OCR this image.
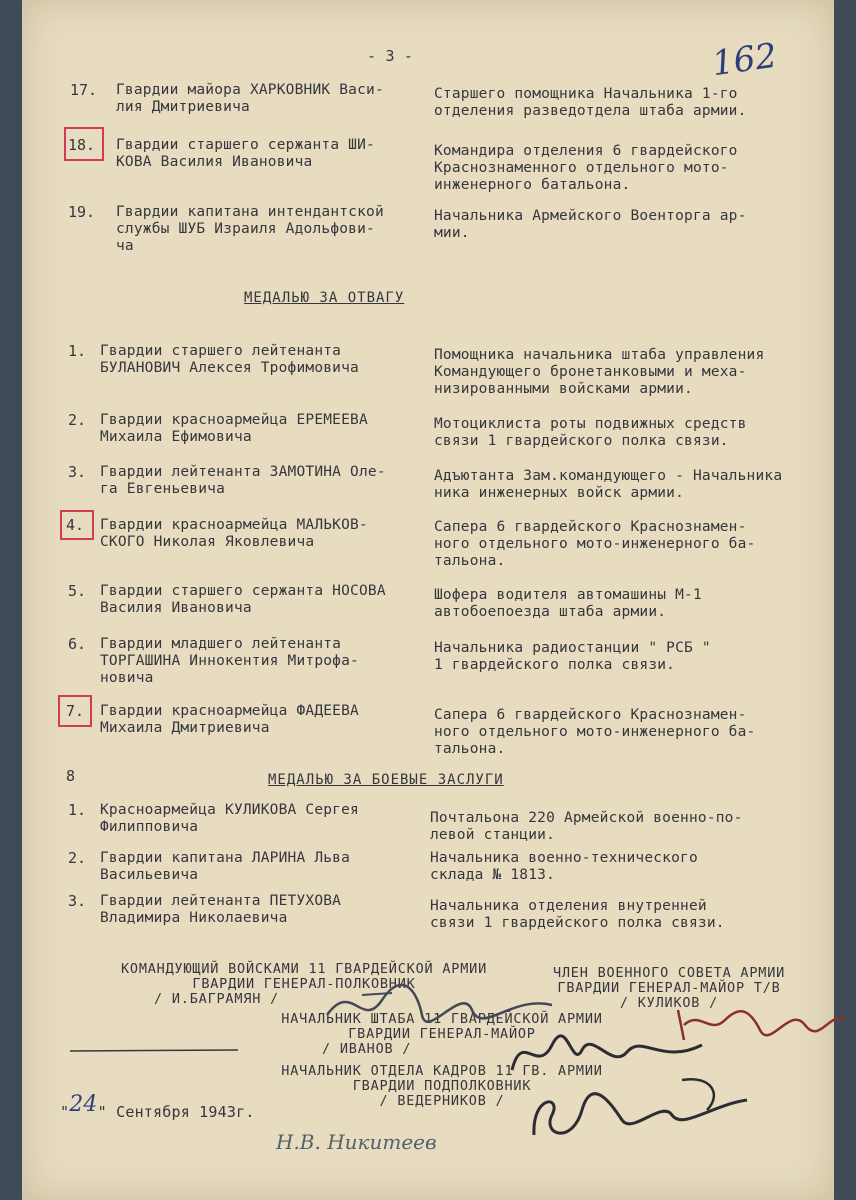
- 3 -	162
17. Гвардии майора ХАРКОВНИК Васи-
лия Дмитриевича
Старшего помощника Начальника 1-го
отделения разведотдела штаба армии.
18. Гвардии старшего сержанта ШИ-
КОВА Василия Ивановича
Командира отделения 6 гвардейского
Краснознаменного отдельного мото-
инженерного батальона.
19. Гвардии капитана интендантской
службы ШУБ Израиля Адольфови-
ча
Начальника Армейского Военторга ар-
мии.
МЕДАЛЬЮ ЗА ОТВАГУ
1. Гвардии старшего лейтенанта
БУЛАНОВИЧ Алексея Трофимовича
Помощника начальника штаба управления
Командующего бронетанковыми и меха-
низированными войсками армии.
2. Гвардии красноармейца ЕРЕМЕЕВА
Михаила Ефимовича
Мотоциклиста роты подвижных средств
связи 1 гвардейского полка связи.
3. Гвардии лейтенанта ЗАМОТИНА Оле-
га Евгеньевича
Адъютанта Зам.командующего - Начальника
ника инженерных войск армии.
4. Гвардии красноармейца МАЛЬКОВ-
СКОГО Николая Яковлевича
Сапера 6 гвардейского Краснознамен-
ного отдельного мото-инженерного ба-
тальона.
5. Гвардии старшего сержанта НОСОВА
Василия Ивановича
Шофера водителя автомашины М-1
автобоепоезда штаба армии.
6. Гвардии младшего лейтенанта
ТОРГАШИНА Иннокентия Митрофа-
новича
Начальника радиостанции " РСБ "
1 гвардейского полка связи.
7. Гвардии красноармейца ФАДЕЕВА
Михаила Дмитриевича
Сапера 6 гвардейского Краснознамен-
ного отдельного мото-инженерного ба-
тальона.
8	МЕДАЛЬЮ ЗА БОЕВЫЕ ЗАСЛУГИ
1. Красноармейца КУЛИКОВА Сергея
Филипповича
Почтальона 220 Армейской военно-по-
левой станции.
2. Гвардии капитана ЛАРИНА Льва
Васильевича
Начальника военно-технического
склада № 1813.
3. Гвардии лейтенанта ПЕТУХОВА
Владимира Николаевича
Начальника отделения внутренней
связи 1 гвардейского полка связи.
КОМАНДУЮЩИЙ ВОЙСКАМИ 11 ГВАРДЕЙСКОЙ АРМИИ
ГВАРДИИ ГЕНЕРАЛ-ПОЛКОВНИК
/ И.БАГРАМЯН /
ЧЛЕН ВОЕННОГО СОВЕТА АРМИИ
ГВАРДИИ ГЕНЕРАЛ-МАЙОР Т/В
/ КУЛИКОВ /
НАЧАЛЬНИК ШТАБА 11 ГВАРДЕЙСКОЙ АРМИИ
ГВАРДИИ ГЕНЕРАЛ-МАЙОР
/ ИВАНОВ /
НАЧАЛЬНИК ОТДЕЛА КАДРОВ 11 ГВ. АРМИИ
ГВАРДИИ ПОДПОЛКОВНИК
/ ВЕДЕРНИКОВ /
"24" Сентября 1943г.
Н.В. Никитеев
